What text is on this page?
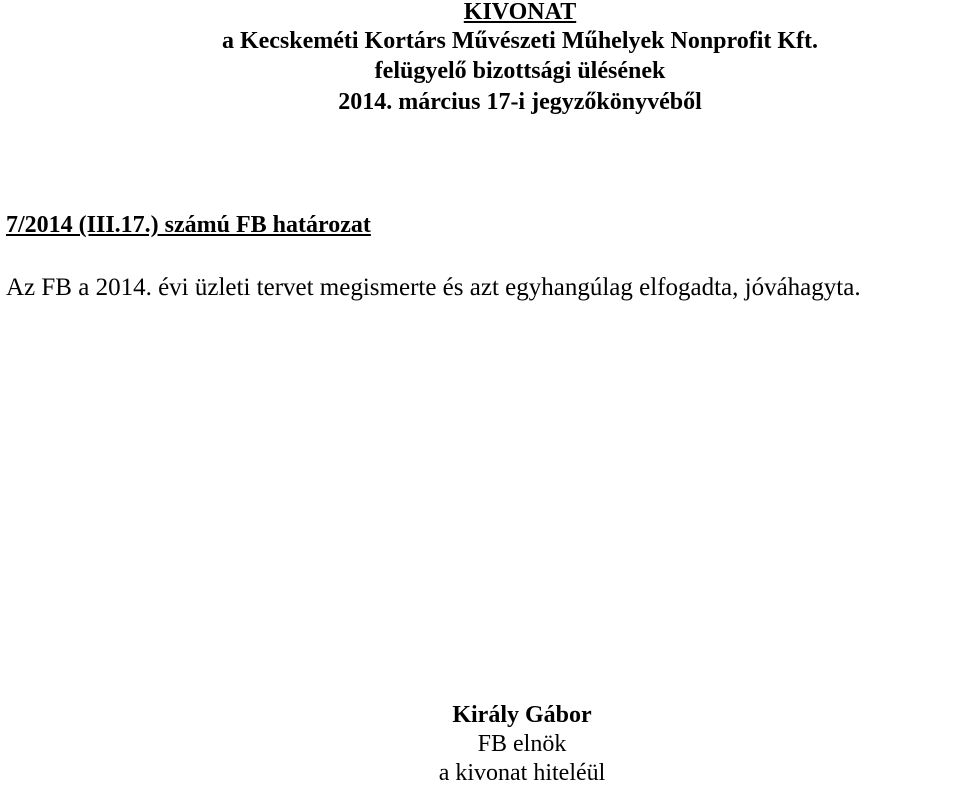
KIVONAT
a Kecskeméti Kortárs Művészeti Műhelyek Nonprofit Kft.
felügyelő bizottsági ülésének
2014. március 17-i jegyzőkönyvéből
7/2014 (III.17.) számú FB határozat
Az FB a 2014. évi üzleti tervet megismerte és azt egyhangúlag elfogadta, jóváhagyta.
Király Gábor
FB elnök
a kivonat hiteléül
